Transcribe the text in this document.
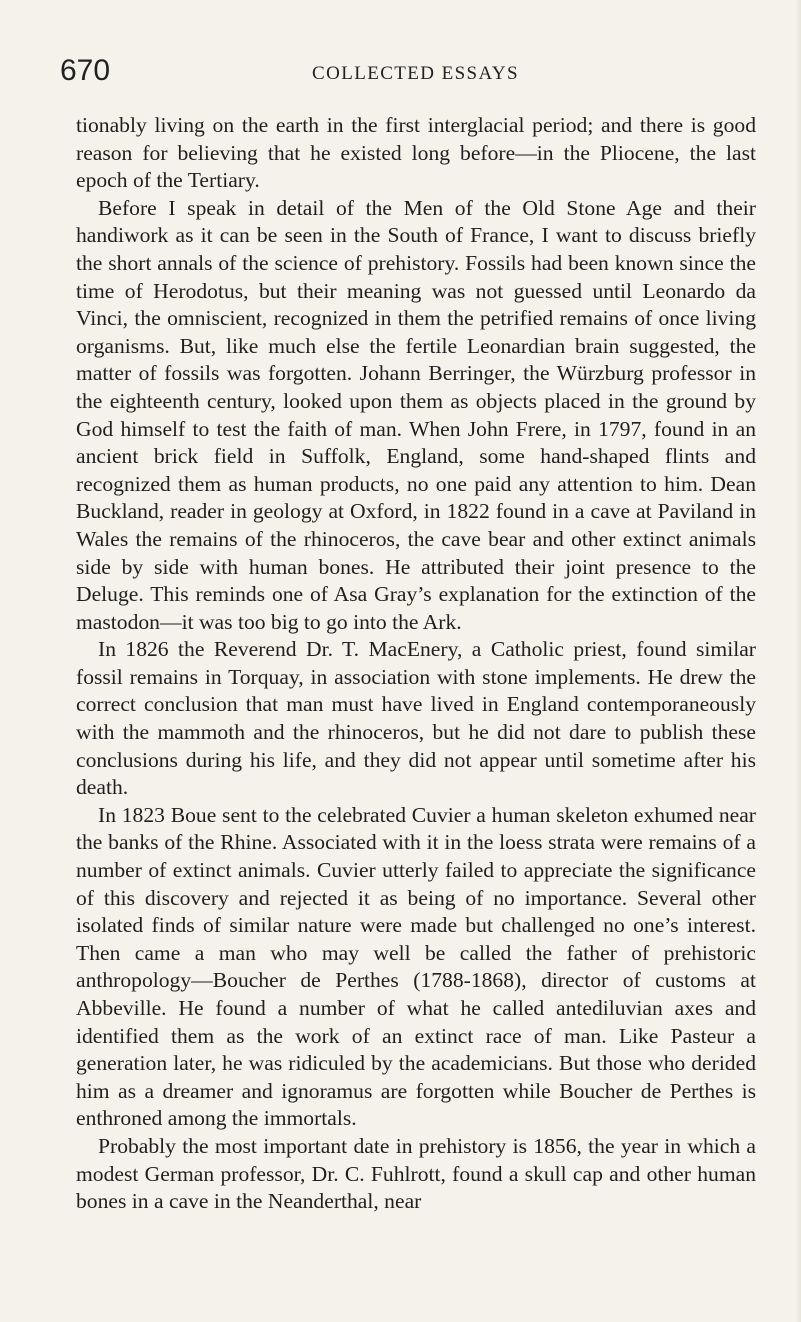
670	COLLECTED ESSAYS

tionably living on the earth in the first interglacial period; and there is good reason for believing that he existed long before—in the Pliocene, the last epoch of the Tertiary.

Before I speak in detail of the Men of the Old Stone Age and their handiwork as it can be seen in the South of France, I want to discuss briefly the short annals of the science of prehistory. Fossils had been known since the time of Herodotus, but their meaning was not guessed until Leonardo da Vinci, the omniscient, recognized in them the petrified remains of once living organisms. But, like much else the fertile Leonardian brain suggested, the matter of fossils was forgotten. Johann Berringer, the Würzburg professor in the eighteenth century, looked upon them as objects placed in the ground by God himself to test the faith of man. When John Frere, in 1797, found in an ancient brick field in Suffolk, England, some hand-shaped flints and recognized them as human products, no one paid any attention to him. Dean Buckland, reader in geology at Oxford, in 1822 found in a cave at Paviland in Wales the remains of the rhinoceros, the cave bear and other extinct animals side by side with human bones. He attributed their joint presence to the Deluge. This reminds one of Asa Gray’s explanation for the extinction of the mastodon—it was too big to go into the Ark.

In 1826 the Reverend Dr. T. MacEnery, a Catholic priest, found similar fossil remains in Torquay, in association with stone implements. He drew the correct conclusion that man must have lived in England contemporaneously with the mammoth and the rhinoceros, but he did not dare to publish these conclusions during his life, and they did not appear until sometime after his death.

In 1823 Boue sent to the celebrated Cuvier a human skeleton exhumed near the banks of the Rhine. Associated with it in the loess strata were remains of a number of extinct animals. Cuvier utterly failed to appreciate the significance of this discovery and rejected it as being of no importance. Several other isolated finds of similar nature were made but challenged no one’s interest. Then came a man who may well be called the father of prehistoric anthropology—Boucher de Perthes (1788-1868), director of customs at Abbeville. He found a number of what he called antediluvian axes and identified them as the work of an extinct race of man. Like Pasteur a generation later, he was ridiculed by the academicians. But those who derided him as a dreamer and ignoramus are forgotten while Boucher de Perthes is enthroned among the immortals.

Probably the most important date in prehistory is 1856, the year in which a modest German professor, Dr. C. Fuhlrott, found a skull cap and other human bones in a cave in the Neanderthal, near
